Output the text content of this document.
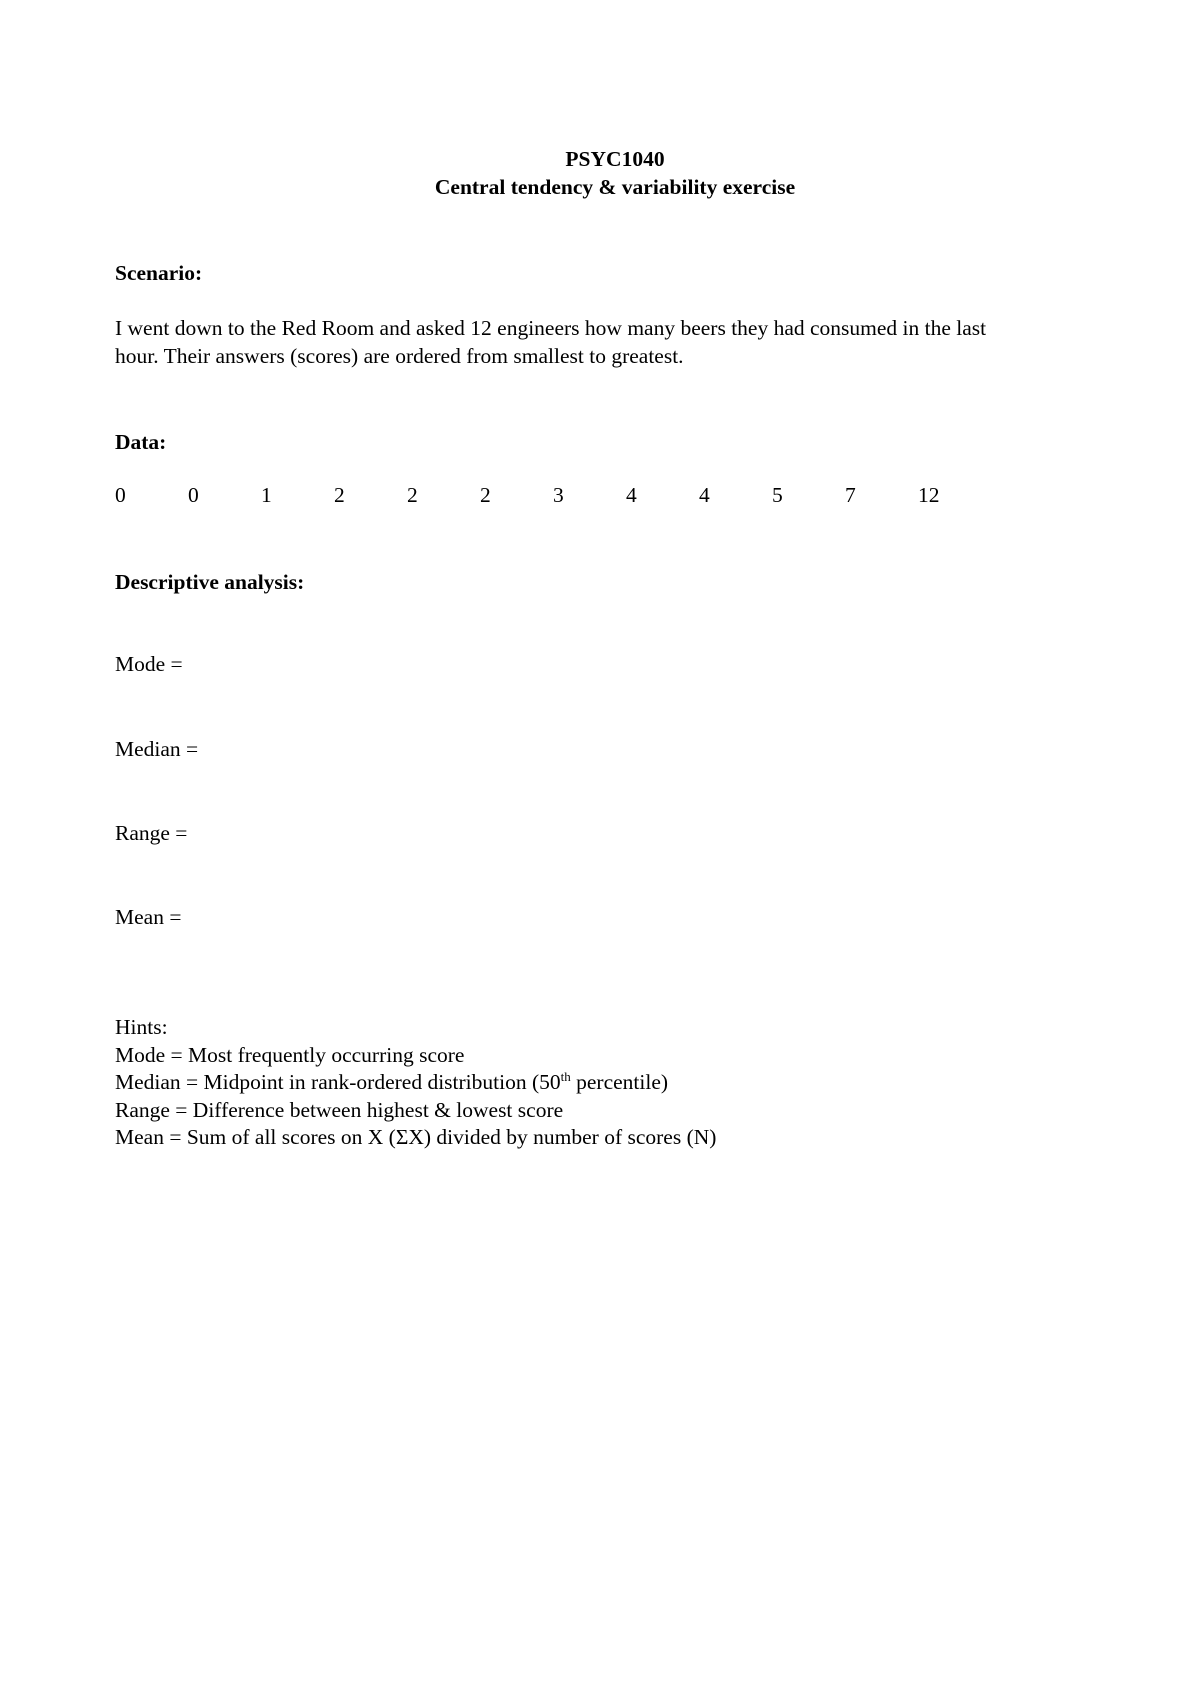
PSYC1040
Central tendency & variability exercise
Scenario:
I went down to the Red Room and asked 12 engineers how many beers they had consumed in the last
hour. Their answers (scores) are ordered from smallest to greatest.
Data:
0	0	1	2	2	2	3	4	4	5	7	12
Descriptive analysis:
Mode =
Median =
Range =
Mean =
Hints:
Mode = Most frequently occurring score
Median = Midpoint in rank-ordered distribution (50th percentile)
Range = Difference between highest & lowest score
Mean = Sum of all scores on X (ΣX) divided by number of scores (N)
